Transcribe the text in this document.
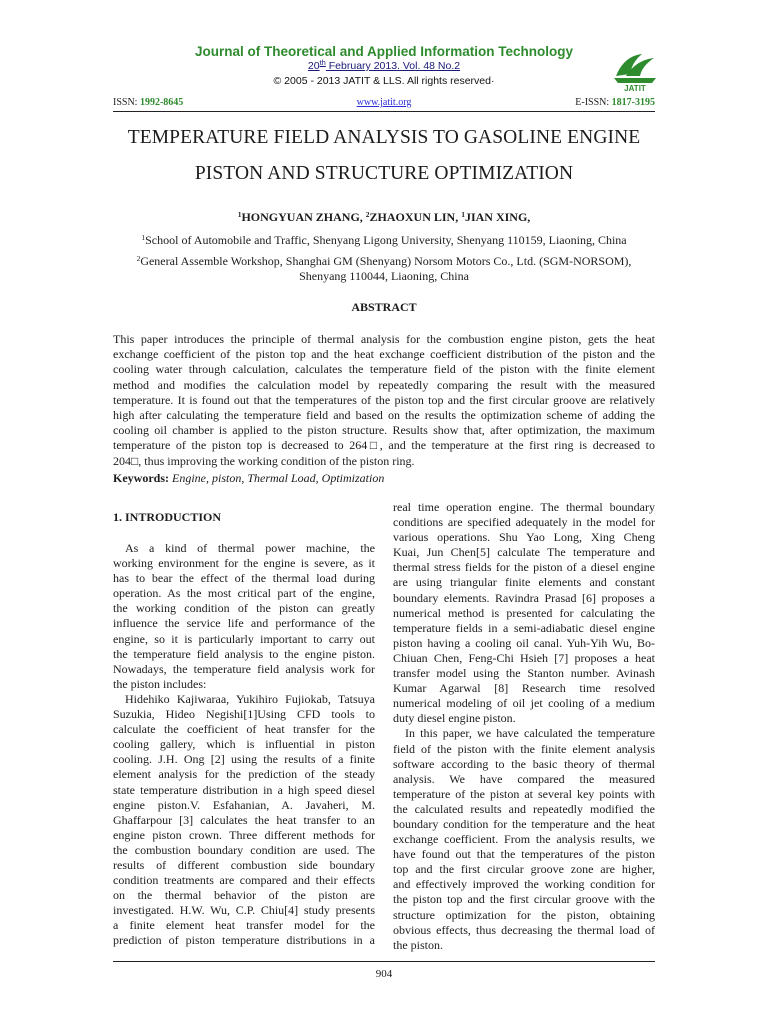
Journal of Theoretical and Applied Information Technology
20th February 2013. Vol. 48 No.2
© 2005 - 2013 JATIT & LLS. All rights reserved·
JATIT
ISSN: 1992-8645	www.jatit.org	E-ISSN: 1817-3195
TEMPERATURE FIELD ANALYSIS TO GASOLINE ENGINE
PISTON AND STRUCTURE OPTIMIZATION
$^1$HONGYUAN ZHANG, $^2$ZHAOXUN LIN, $^1$JIAN XING,
$^1$School of Automobile and Traffic, Shenyang Ligong University, Shenyang 110159, Liaoning, China
$^2$General Assemble Workshop, Shanghai GM (Shenyang) Norsom Motors Co., Ltd. (SGM-NORSOM),
Shenyang 110044, Liaoning, China
ABSTRACT
This paper introduces the principle of thermal analysis for the combustion engine piston, gets the heat
exchange coefficient of the piston top and the heat exchange coefficient distribution of the piston and the
cooling water through calculation, calculates the temperature field of the piston with the finite element
method and modifies the calculation model by repeatedly comparing the result with the measured
temperature. It is found out that the temperatures of the piston top and the first circular groove are relatively
high after calculating the temperature field and based on the results the optimization scheme of adding the
cooling oil chamber is applied to the piston structure. Results show that, after optimization, the maximum
temperature of the piston top is decreased to 264□, and the temperature at the first ring is decreased to
204□, thus improving the working condition of the piston ring.
Keywords: Engine, piston, Thermal Load, Optimization
1. INTRODUCTION
As a kind of thermal power machine, the
working environment for the engine is severe, as it
has to bear the effect of the thermal load during
operation. As the most critical part of the engine,
the working condition of the piston can greatly
influence the service life and performance of the
engine, so it is particularly important to carry out
the temperature field analysis to the engine piston.
Nowadays, the temperature field analysis work for
the piston includes:
Hidehiko Kajiwaraa, Yukihiro Fujiokab, Tatsuya
Suzukia, Hideo Negishi[1]Using CFD tools to
calculate the coefficient of heat transfer for the
cooling gallery, which is influential in piston
cooling. J.H. Ong [2] using the results of a finite
element analysis for the prediction of the steady
state temperature distribution in a high speed diesel
engine piston.V. Esfahanian, A. Javaheri, M.
Ghaffarpour [3] calculates the heat transfer to an
engine piston crown. Three different methods for
the combustion boundary condition are used. The
results of different combustion side boundary
condition treatments are compared and their effects
on the thermal behavior of the piston are
investigated. H.W. Wu, C.P. Chiu[4] study presents
a finite element heat transfer model for the
prediction of piston temperature distributions in a
real time operation engine. The thermal boundary
conditions are specified adequately in the model for
various operations. Shu Yao Long, Xing Cheng
Kuai, Jun Chen[5] calculate The temperature and
thermal stress fields for the piston of a diesel engine
are using triangular finite elements and constant
boundary elements. Ravindra Prasad [6] proposes a
numerical method is presented for calculating the
temperature fields in a semi-adiabatic diesel engine
piston having a cooling oil canal. Yuh-Yih Wu, Bo-
Chiuan Chen, Feng-Chi Hsieh [7] proposes a heat
transfer model using the Stanton number. Avinash
Kumar Agarwal [8] Research time resolved
numerical modeling of oil jet cooling of a medium
duty diesel engine piston.
In this paper, we have calculated the temperature
field of the piston with the finite element analysis
software according to the basic theory of thermal
analysis. We have compared the measured
temperature of the piston at several key points with
the calculated results and repeatedly modified the
boundary condition for the temperature and the heat
exchange coefficient. From the analysis results, we
have found out that the temperatures of the piston
top and the first circular groove zone are higher,
and effectively improved the working condition for
the piston top and the first circular groove with the
structure optimization for the piston, obtaining
obvious effects, thus decreasing the thermal load of
the piston.
904
